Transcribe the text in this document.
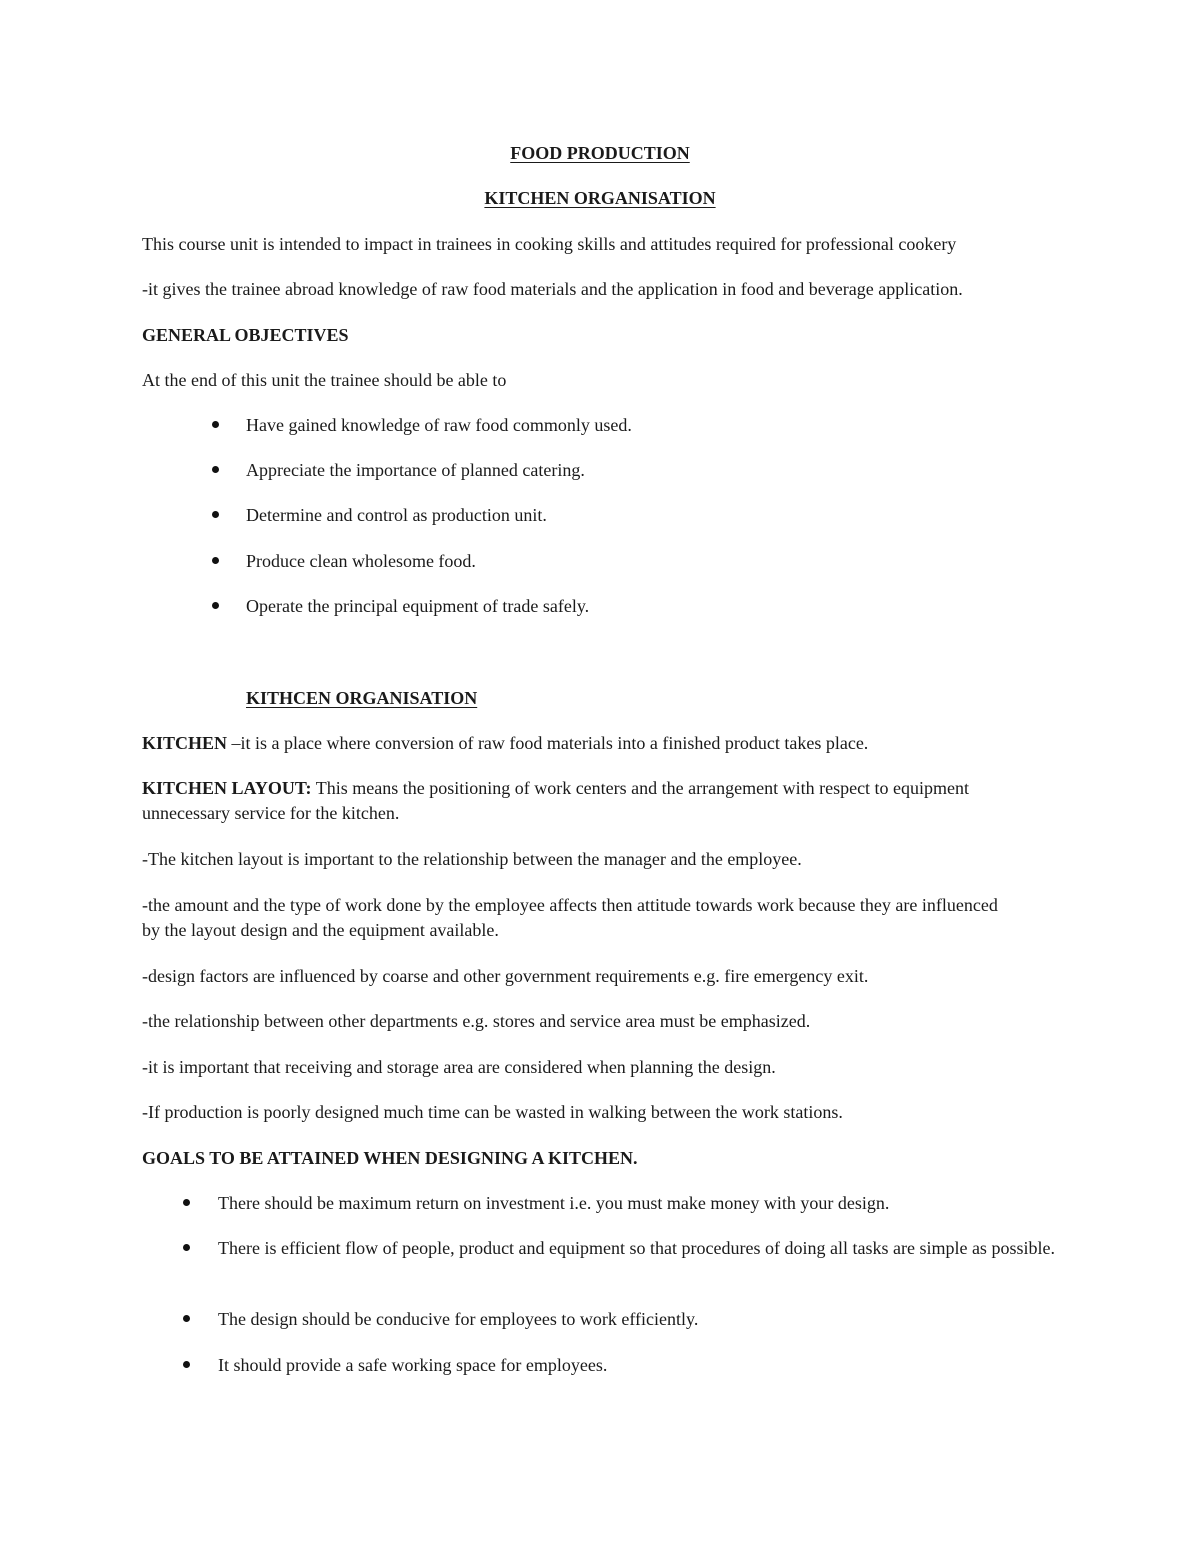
FOOD PRODUCTION
KITCHEN ORGANISATION
This course unit is intended to impact in trainees in cooking skills and attitudes required for professional cookery
-it gives the trainee abroad knowledge of raw food materials and the application in food and beverage application.
GENERAL OBJECTIVES
At the end of this unit the trainee should be able to
Have gained knowledge of raw food commonly used.
Appreciate the importance of planned catering.
Determine and control as production unit.
Produce clean wholesome food.
Operate the principal equipment of trade safely.
KITHCEN ORGANISATION
KITCHEN –it is a place where conversion of raw food materials into a finished product takes place.
KITCHEN LAYOUT: This means the positioning of work centers and the arrangement with respect to equipment unnecessary service for the kitchen.
-The kitchen layout is important to the relationship between the manager and the employee.
-the amount and the type of work done by the employee affects then attitude towards work because they are influenced by the layout design and the equipment available.
-design factors are influenced by coarse and other government requirements e.g. fire emergency exit.
-the relationship between other departments e.g. stores and service area must be emphasized.
-it is important that receiving and storage area are considered when planning the design.
-If production is poorly designed much time can be wasted in walking between the work stations.
GOALS TO BE ATTAINED WHEN DESIGNING A KITCHEN.
There should be maximum return on investment i.e. you must make money with your design.
There is efficient flow of people, product and equipment so that procedures of doing all tasks are simple as possible.
The design should be conducive for employees to work efficiently.
It should provide a safe working space for employees.
